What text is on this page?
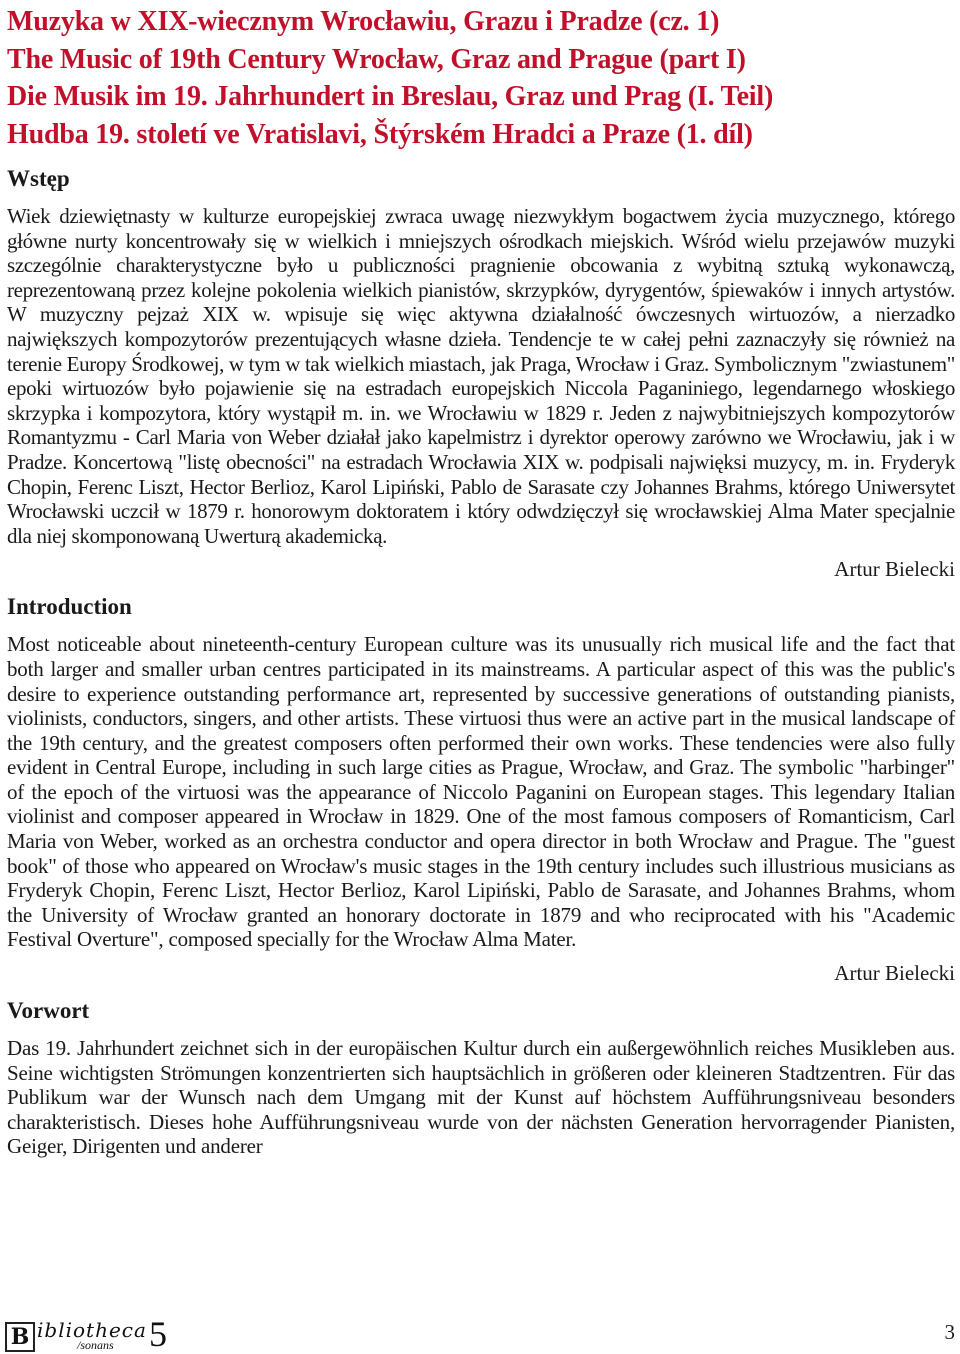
Muzyka w XIX-wiecznym Wrocławiu, Grazu i Pradze (cz. 1)
The Music of 19th Century Wrocław, Graz and Prague (part I)
Die Musik im 19. Jahrhundert in Breslau, Graz und Prag (I. Teil)
Hudba 19. století ve Vratislavi, Štýrském Hradci a Praze (1. díl)
Wstęp

Wiek dziewiętnasty w kulturze europejskiej zwraca uwagę niezwykłym bogactwem życia muzycznego, którego główne nurty koncentrowały się w wielkich i mniejszych ośrodkach miejskich. Wśród wielu przejawów muzyki szczególnie charakterystyczne było u publiczności pragnienie obcowania z wybitną sztuką wykonawczą, reprezentowaną przez kolejne pokolenia wielkich pianistów, skrzypków, dyrygentów, śpiewaków i innych artystów. W muzyczny pejzaż XIX w. wpisuje się więc aktywna działalność ówczesnych wirtuozów, a nierzadko największych kompozytorów prezentujących własne dzieła. Tendencje te w całej pełni zaznaczyły się również na terenie Europy Środkowej, w tym w tak wielkich miastach, jak Praga, Wrocław i Graz. Symbolicznym "zwiastunem" epoki wirtuozów było pojawienie się na estradach europejskich Niccola Paganiniego, legendarnego włoskiego skrzypka i kompozytora, który wystąpił m. in. we Wrocławiu w 1829 r. Jeden z najwybitniejszych kompozytorów Romantyzmu - Carl Maria von Weber działał jako kapelmistrz i dyrektor operowy zarówno we Wrocławiu, jak i w Pradze. Koncertową "listę obecności" na estradach Wrocławia XIX w. podpisali najwięksi muzycy, m. in. Fryderyk Chopin, Ferenc Liszt, Hector Berlioz, Karol Lipiński, Pablo de Sarasate czy Johannes Brahms, którego Uniwersytet Wrocławski uczcił w 1879 r. honorowym doktoratem i który odwdzięczył się wrocławskiej Alma Mater specjalnie dla niej skomponowaną Uwerturą akademicką.

Artur Bielecki
Introduction

Most noticeable about nineteenth-century European culture was its unusually rich musical life and the fact that both larger and smaller urban centres participated in its mainstreams. A particular aspect of this was the public's desire to experience outstanding performance art, represented by successive generations of outstanding pianists, violinists, conductors, singers, and other artists. These virtuosi thus were an active part in the musical landscape of the 19th century, and the greatest composers often performed their own works. These tendencies were also fully evident in Central Europe, including in such large cities as Prague, Wrocław, and Graz. The symbolic "harbinger" of the epoch of the virtuosi was the appearance of Niccolo Paganini on European stages. This legendary Italian violinist and composer appeared in Wrocław in 1829. One of the most famous composers of Romanticism, Carl Maria von Weber, worked as an orchestra conductor and opera director in both Wrocław and Prague. The "guest book" of those who appeared on Wrocław's music stages in the 19th century includes such illustrious musicians as Fryderyk Chopin, Ferenc Liszt, Hector Berlioz, Karol Lipiński, Pablo de Sarasate, and Johannes Brahms, whom the University of Wrocław granted an honorary doctorate in 1879 and who reciprocated with his "Academic Festival Overture", composed specially for the Wrocław Alma Mater.

Artur Bielecki
Vorwort

Das 19. Jahrhundert zeichnet sich in der europäischen Kultur durch ein außergewöhnlich reiches Musikleben aus. Seine wichtigsten Strömungen konzentrierten sich hauptsächlich in größeren oder kleineren Stadtzentren. Für das Publikum war der Wunsch nach dem Umgang mit der Kunst auf höchstem Aufführungsniveau besonders charakteristisch. Dieses hohe Aufführungsniveau wurde von der nächsten Generation hervorragender Pianisten, Geiger, Dirigenten und anderer

B ibliotheca
/sonans 5	3
